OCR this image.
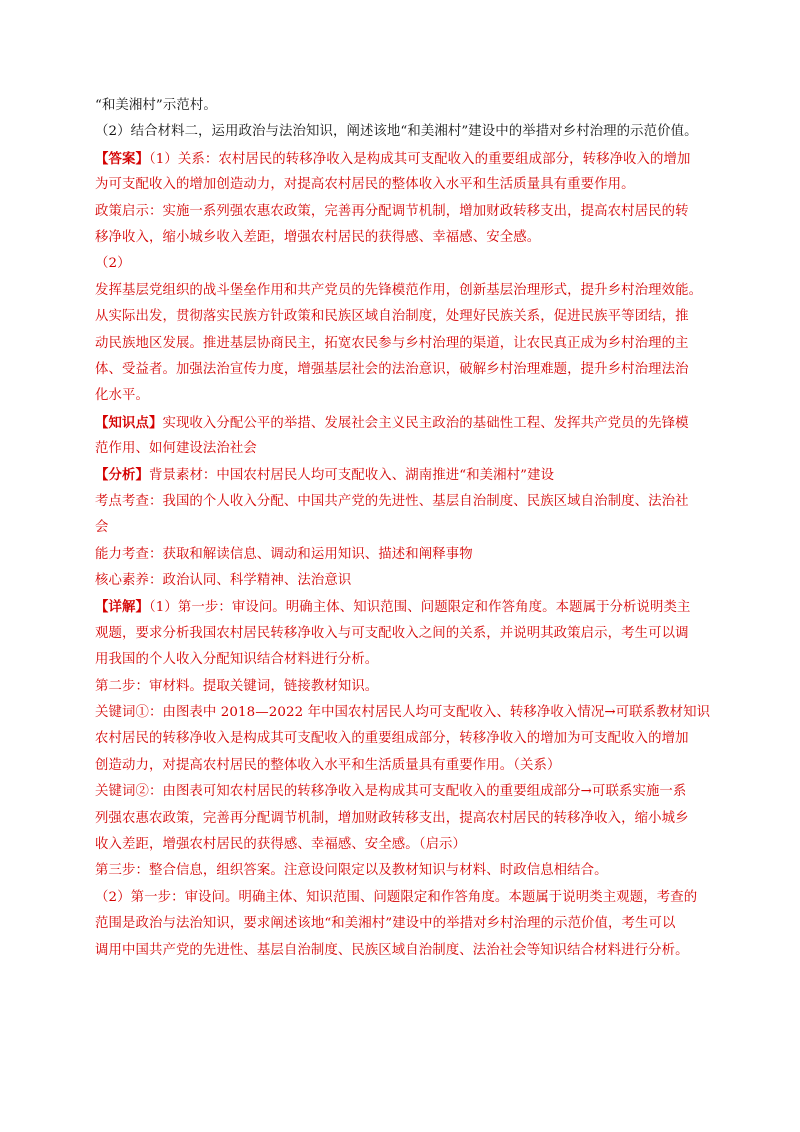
“和美湘村”示范村。
（2）结合材料二，运用政治与法治知识，阐述该地“和美湘村”建设中的举措对乡村治理的示范价值。
【答案】（1）关系：农村居民的转移净收入是构成其可支配收入的重要组成部分，转移净收入的增加
为可支配收入的增加创造动力，对提高农村居民的整体收入水平和生活质量具有重要作用。
政策启示：实施一系列强农惠农政策，完善再分配调节机制，增加财政转移支出，提高农村居民的转
移净收入，缩小城乡收入差距，增强农村居民的获得感、幸福感、安全感。
（2）
发挥基层党组织的战斗堡垒作用和共产党员的先锋模范作用，创新基层治理形式，提升乡村治理效能。
从实际出发，贯彻落实民族方针政策和民族区域自治制度，处理好民族关系，促进民族平等团结，推
动民族地区发展。推进基层协商民主，拓宽农民参与乡村治理的渠道，让农民真正成为乡村治理的主
体、受益者。加强法治宣传力度，增强基层社会的法治意识，破解乡村治理难题，提升乡村治理法治
化水平。
【知识点】实现收入分配公平的举措、发展社会主义民主政治的基础性工程、发挥共产党员的先锋模
范作用、如何建设法治社会
【分析】背景素材：中国农村居民人均可支配收入、湖南推进“和美湘村”建设
考点考查：我国的个人收入分配、中国共产党的先进性、基层自治制度、民族区域自治制度、法治社
会
能力考查：获取和解读信息、调动和运用知识、描述和阐释事物
核心素养：政治认同、科学精神、法治意识
【详解】（1）第一步：审设问。明确主体、知识范围、问题限定和作答角度。本题属于分析说明类主
观题，要求分析我国农村居民转移净收入与可支配收入之间的关系，并说明其政策启示，考生可以调
用我国的个人收入分配知识结合材料进行分析。
第二步：审材料。提取关键词，链接教材知识。
关键词①：由图表中 2018—2022 年中国农村居民人均可支配收入、转移净收入情况→可联系教材知识
农村居民的转移净收入是构成其可支配收入的重要组成部分，转移净收入的增加为可支配收入的增加
创造动力，对提高农村居民的整体收入水平和生活质量具有重要作用。（关系）
关键词②：由图表可知农村居民的转移净收入是构成其可支配收入的重要组成部分→可联系实施一系
列强农惠农政策，完善再分配调节机制，增加财政转移支出，提高农村居民的转移净收入，缩小城乡
收入差距，增强农村居民的获得感、幸福感、安全感。（启示）
第三步：整合信息，组织答案。注意设问限定以及教材知识与材料、时政信息相结合。
（2）第一步：审设问。明确主体、知识范围、问题限定和作答角度。本题属于说明类主观题，考查的
范围是政治与法治知识，要求阐述该地“和美湘村”建设中的举措对乡村治理的示范价值，考生可以
调用中国共产党的先进性、基层自治制度、民族区域自治制度、法治社会等知识结合材料进行分析。
